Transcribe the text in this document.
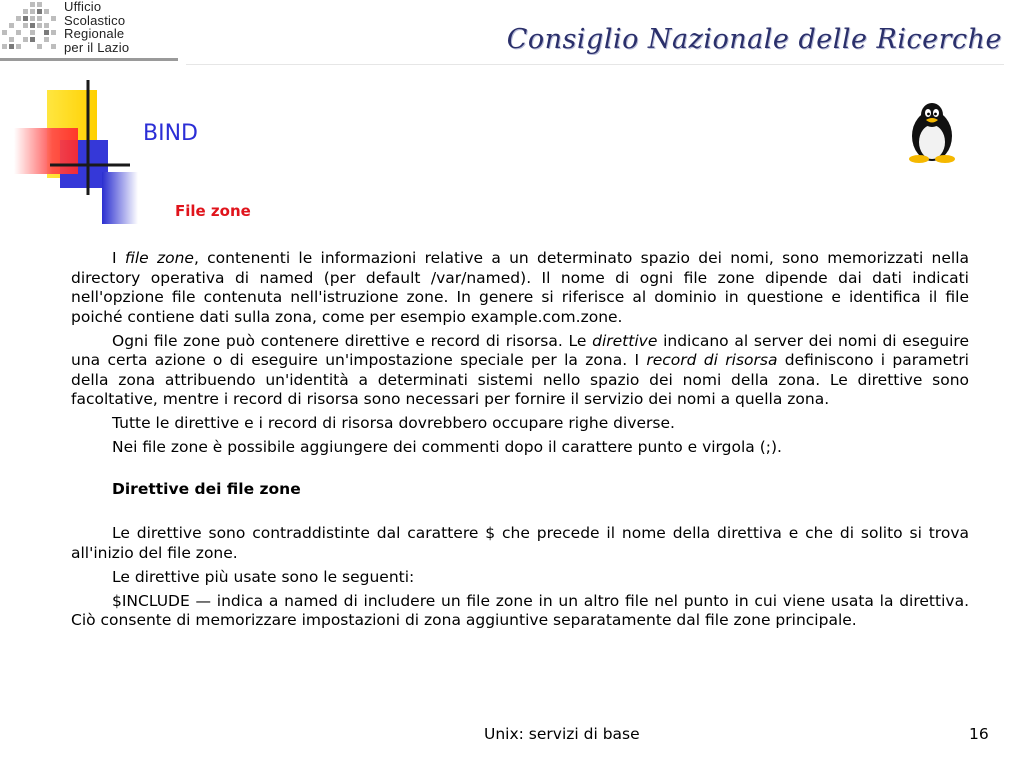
Ufficio
Scolastico
Regionale
per il Lazio	Consiglio Nazionale delle Ricerche
BIND
File zone

I file zone, contenenti le informazioni relative a un determinato spazio dei nomi, sono memorizzati nella directory operativa di named (per default /var/named). Il nome di ogni file zone dipende dai dati indicati nell'opzione file contenuta nell'istruzione zone. In genere si riferisce al dominio in questione e identifica il file poiché contiene dati sulla zona, come per esempio example.com.zone.

Ogni file zone può contenere direttive e record di risorsa. Le direttive indicano al server dei nomi di eseguire una certa azione o di eseguire un'impostazione speciale per la zona. I record di risorsa definiscono i parametri della zona attribuendo un'identità a determinati sistemi nello spazio dei nomi della zona. Le direttive sono facoltative, mentre i record di risorsa sono necessari per fornire il servizio dei nomi a quella zona.

Tutte le direttive e i record di risorsa dovrebbero occupare righe diverse.

Nei file zone è possibile aggiungere dei commenti dopo il carattere punto e virgola (;).

Direttive dei file zone

Le direttive sono contraddistinte dal carattere $ che precede il nome della direttiva e che di solito si trova all'inizio del file zone.

Le direttive più usate sono le seguenti:

$INCLUDE — indica a named di includere un file zone in un altro file nel punto in cui viene usata la direttiva. Ciò consente di memorizzare impostazioni di zona aggiuntive separatamente dal file zone principale.

Unix: servizi di base	16
